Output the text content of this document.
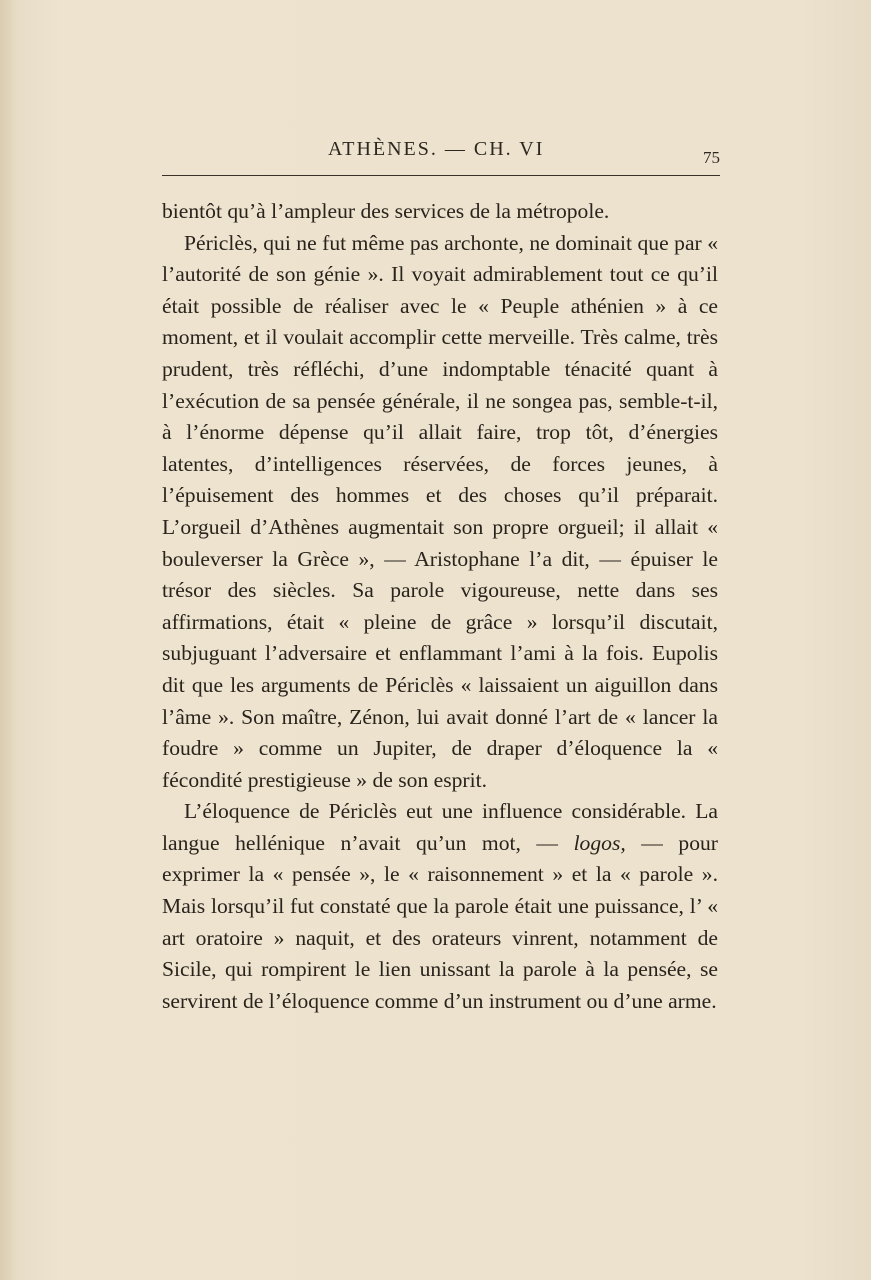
ATHÈNES. — CH. VI	75

bientôt qu’à l’ampleur des services de la métropole.

Périclès, qui ne fut même pas archonte, ne dominait que par « l’autorité de son génie ». Il voyait admirablement tout ce qu’il était possible de réaliser avec le « Peuple athénien » à ce moment, et il voulait accomplir cette merveille. Très calme, très prudent, très réfléchi, d’une indomptable ténacité quant à l’exécution de sa pensée générale, il ne songea pas, semble-t-il, à l’énorme dépense qu’il allait faire, trop tôt, d’énergies latentes, d’intelligences réservées, de forces jeunes, à l’épuisement des hommes et des choses qu’il préparait. L’orgueil d’Athènes augmentait son propre orgueil; il allait « bouleverser la Grèce », — Aristophane l’a dit, — épuiser le trésor des siècles. Sa parole vigoureuse, nette dans ses affirmations, était « pleine de grâce » lorsqu’il discutait, subjuguant l’adversaire et enflammant l’ami à la fois. Eupolis dit que les arguments de Périclès « laissaient un aiguillon dans l’âme ». Son maître, Zénon, lui avait donné l’art de « lancer la foudre » comme un Jupiter, de draper d’éloquence la « fécondité prestigieuse » de son esprit.

L’éloquence de Périclès eut une influence considérable. La langue hellénique n’avait qu’un mot, — logos, — pour exprimer la « pensée », le « raisonnement » et la « parole ». Mais lorsqu’il fut constaté que la parole était une puissance, l’ « art oratoire » naquit, et des orateurs vinrent, notamment de Sicile, qui rompirent le lien unissant la parole à la pensée, se servirent de l’éloquence comme d’un instrument ou d’une arme.
